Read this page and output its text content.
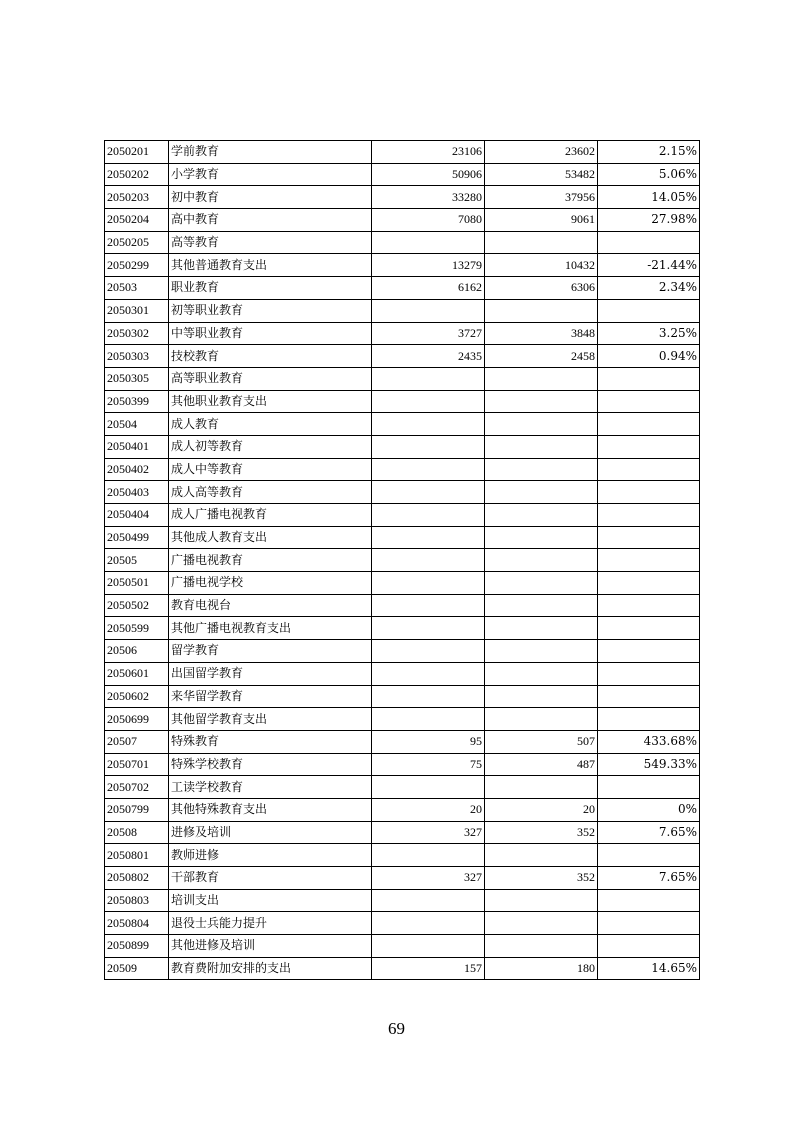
2050201	学前教育	23106	23602	2.15%
2050202	小学教育	50906	53482	5.06%
2050203	初中教育	33280	37956	14.05%
2050204	高中教育	7080	9061	27.98%
2050205	高等教育			
2050299	其他普通教育支出	13279	10432	-21.44%
20503	职业教育	6162	6306	2.34%
2050301	初等职业教育			
2050302	中等职业教育	3727	3848	3.25%
2050303	技校教育	2435	2458	0.94%
2050305	高等职业教育			
2050399	其他职业教育支出			
20504	成人教育			
2050401	成人初等教育			
2050402	成人中等教育			
2050403	成人高等教育			
2050404	成人广播电视教育			
2050499	其他成人教育支出			
20505	广播电视教育			
2050501	广播电视学校			
2050502	教育电视台			
2050599	其他广播电视教育支出			
20506	留学教育			
2050601	出国留学教育			
2050602	来华留学教育			
2050699	其他留学教育支出			
20507	特殊教育	95	507	433.68%
2050701	特殊学校教育	75	487	549.33%
2050702	工读学校教育			
2050799	其他特殊教育支出	20	20	0%
20508	进修及培训	327	352	7.65%
2050801	教师进修			
2050802	干部教育	327	352	7.65%
2050803	培训支出			
2050804	退役士兵能力提升			
2050899	其他进修及培训			
20509	教育费附加安排的支出	157	180	14.65%
69
